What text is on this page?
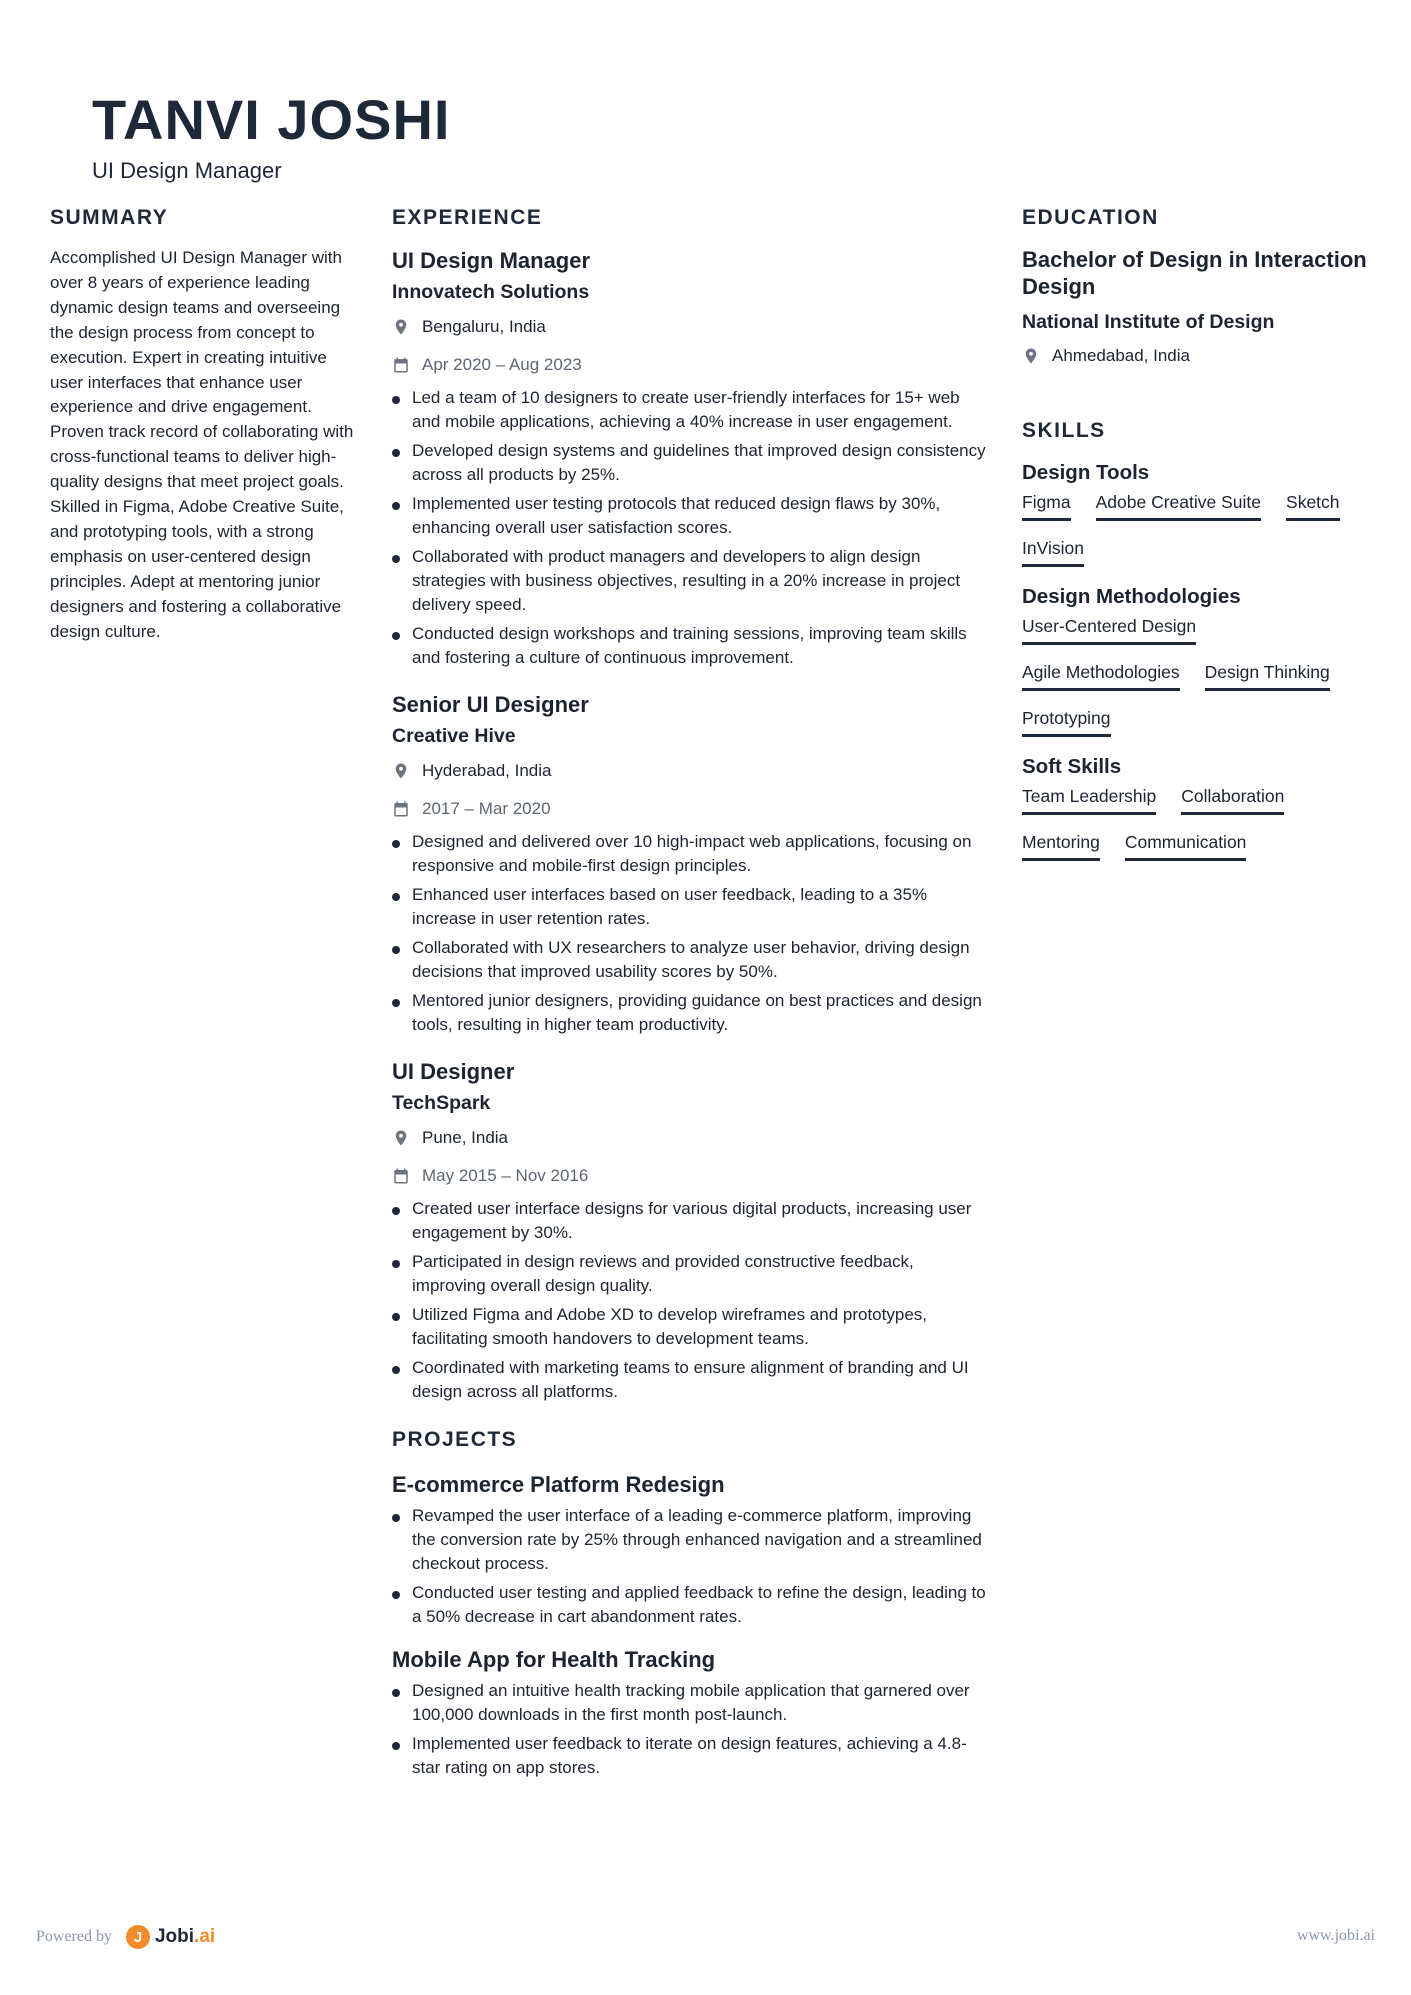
TANVI JOSHI
UI Design Manager
SUMMARY

Accomplished UI Design Manager with over 8 years of experience leading dynamic design teams and overseeing the design process from concept to execution. Expert in creating intuitive user interfaces that enhance user experience and drive engagement. Proven track record of collaborating with cross-functional teams to deliver high-quality designs that meet project goals. Skilled in Figma, Adobe Creative Suite, and prototyping tools, with a strong emphasis on user-centered design principles. Adept at mentoring junior designers and fostering a collaborative design culture.

EXPERIENCE
UI Design Manager
Innovatech Solutions
Bengaluru, India
Apr 2020 – Aug 2023
Led a team of 10 designers to create user-friendly interfaces for 15+ web and mobile applications, achieving a 40% increase in user engagement.
Developed design systems and guidelines that improved design consistency across all products by 25%.
Implemented user testing protocols that reduced design flaws by 30%, enhancing overall user satisfaction scores.
Collaborated with product managers and developers to align design strategies with business objectives, resulting in a 20% increase in project delivery speed.
Conducted design workshops and training sessions, improving team skills and fostering a culture of continuous improvement.
Senior UI Designer
Creative Hive
Hyderabad, India
2017 – Mar 2020
Designed and delivered over 10 high-impact web applications, focusing on responsive and mobile-first design principles.
Enhanced user interfaces based on user feedback, leading to a 35% increase in user retention rates.
Collaborated with UX researchers to analyze user behavior, driving design decisions that improved usability scores by 50%.
Mentored junior designers, providing guidance on best practices and design tools, resulting in higher team productivity.
UI Designer
TechSpark
Pune, India
May 2015 – Nov 2016
Created user interface designs for various digital products, increasing user engagement by 30%.
Participated in design reviews and provided constructive feedback, improving overall design quality.
Utilized Figma and Adobe XD to develop wireframes and prototypes, facilitating smooth handovers to development teams.
Coordinated with marketing teams to ensure alignment of branding and UI design across all platforms.
PROJECTS
E-commerce Platform Redesign
Revamped the user interface of a leading e-commerce platform, improving the conversion rate by 25% through enhanced navigation and a streamlined checkout process.
Conducted user testing and applied feedback to refine the design, leading to a 50% decrease in cart abandonment rates.
Mobile App for Health Tracking
Designed an intuitive health tracking mobile application that garnered over 100,000 downloads in the first month post-launch.
Implemented user feedback to iterate on design features, achieving a 4.8-star rating on app stores.
EDUCATION
Bachelor of Design in Interaction Design
National Institute of Design
Ahmedabad, India
SKILLS
Design Tools
Figma Adobe Creative Suite Sketch
InVision
Design Methodologies
User-Centered Design
Agile Methodologies Design Thinking
Prototyping
Soft Skills
Team Leadership Collaboration
Mentoring Communication
Powered by	J Jobi.ai	www.jobi.ai
